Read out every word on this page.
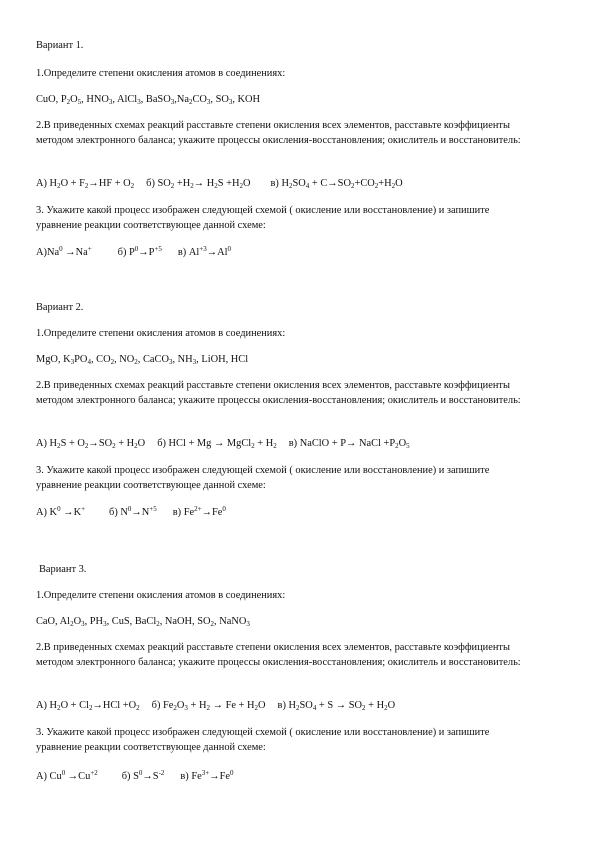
Вариант 1.
1.Определите степени окисления атомов в соединениях:
CuO, $P_2O_5$, $HNO_3$, AlCl$_3$, $BaSO_3,Na_2CO_3$, $SO_3$, KOH
2.В приведенных схемах реакций расставьте степени окисления всех элементов, расставьте коэффициенты методом электронного баланса; укажите процессы окисления-восстановления; окислитель и восстановитель:
А) $H_2O + F_2\to HF + O_2$ б) $SO_2 +H_2\to H_2S +H_2O$ в) $H_2SO_4 + C\to SO_2+CO_2+H_2O$
3. Укажите какой процесс изображен следующей схемой ( окисление или восстановление) и запишите уравнение реакции соответствующее данной схеме:
$А)Na^0 \to Na^+$	б) $P^0\to P^{+5}$ в) $Al^{+3}\to Al^0$
Вариант 2.
1.Определите степени окисления атомов в соединениях:
MgO, $K_3PO_4$, $CO_2$, $NO_2$, CaCO$_3$, $NH_3$, LiOH, HCl
2.В приведенных схемах реакций расставьте степени окисления всех элементов, расставьте коэффициенты методом электронного баланса; укажите процессы окисления-восстановления; окислитель и восстановитель:
А) $H_2S + O_2\to SO_2 + H_2O$ б) HCl + Mg → MgCl$_2$ + $H_2$ в) NaClO + P→ NaCl $+P_2O_5$
3. Укажите какой процесс изображен следующей схемой ( окисление или восстановление) и запишите уравнение реакции соответствующее данной схеме:
А) $K^0 \to K^+$ б) $N^0\to N^{+5}$ в) $Fe^{2+}\to Fe^0$
Вариант 3.
1.Определите степени окисления атомов в соединениях:
CaO, $Al_2O_3$, $PH_3$, CuS, BaCl$_2$, NaOH, $SO_2$, NaNO$_3$
2.В приведенных схемах реакций расставьте степени окисления всех элементов, расставьте коэффициенты методом электронного баланса; укажите процессы окисления-восстановления; окислитель и восстановитель:
А) $H_2O + Cl_2\to HCl +O_2$ б) $Fe_2O_3 + H_2 \to Fe + H_2O$ в) $H_2SO_4 + S \to SO_2 + H_2O$
3. Укажите какой процесс изображен следующей схемой ( окисление или восстановление) и запишите уравнение реакции соответствующее данной схеме:
А) $Cu^0 \to Cu^{+2}$ б) $S^0\to S^{-2}$ в) $Fe^{3+}\to Fe^0$
